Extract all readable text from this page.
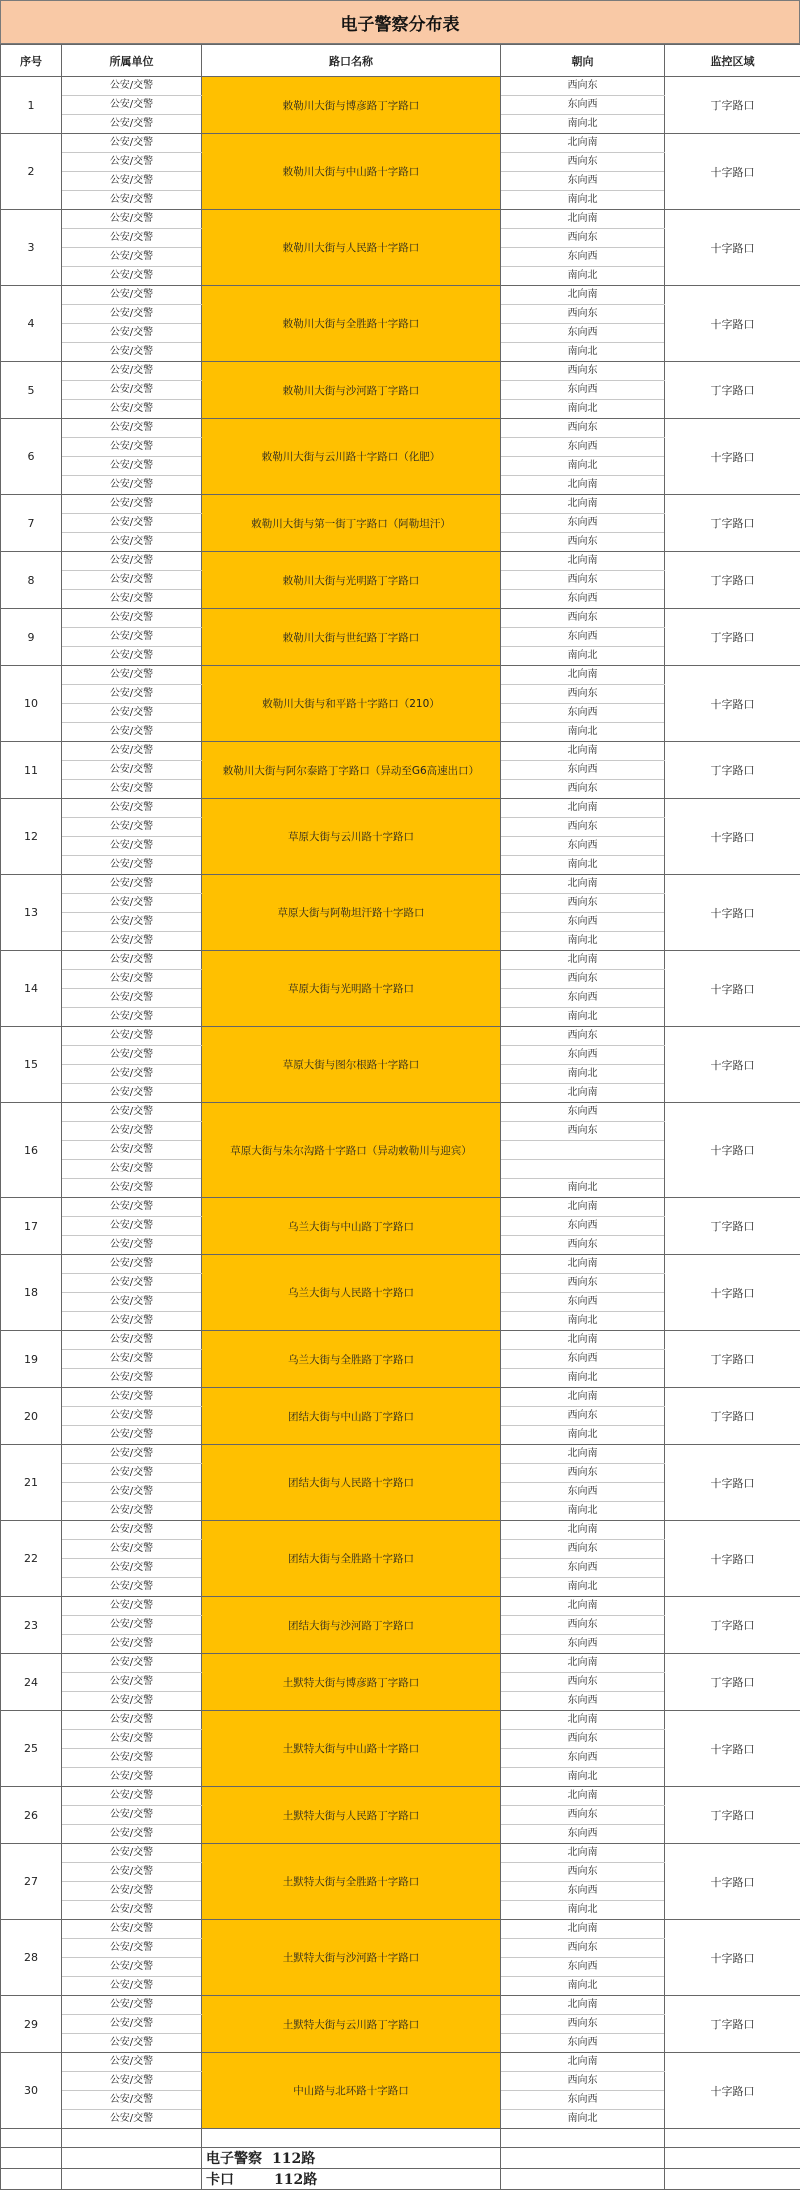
电子警察分布表
序号	所属单位	路口名称	朝向	监控区域
1	公安/交警	敕勒川大街与博彦路丁字路口	西向东	丁字路口
	公安/交警		东向西	
	公安/交警		南向北	
2	公安/交警	敕勒川大街与中山路十字路口	北向南	十字路口
	公安/交警		西向东	
	公安/交警		东向西	
	公安/交警		南向北	
3	公安/交警	敕勒川大街与人民路十字路口	北向南	十字路口
	公安/交警		西向东	
	公安/交警		东向西	
	公安/交警		南向北	
4	公安/交警	敕勒川大街与全胜路十字路口	北向南	十字路口
	公安/交警		西向东	
	公安/交警		东向西	
	公安/交警		南向北	
5	公安/交警	敕勒川大街与沙河路丁字路口	西向东	丁字路口
	公安/交警		东向西	
	公安/交警		南向北	
6	公安/交警	敕勒川大街与云川路十字路口（化肥）	西向东	十字路口
	公安/交警		东向西	
	公安/交警		南向北	
	公安/交警		北向南	
7	公安/交警	敕勒川大街与第一街丁字路口（阿勒坦汗）	北向南	丁字路口
	公安/交警		东向西	
	公安/交警		西向东	
8	公安/交警	敕勒川大街与光明路丁字路口	北向南	丁字路口
	公安/交警		西向东	
	公安/交警		东向西	
9	公安/交警	敕勒川大街与世纪路丁字路口	西向东	丁字路口
	公安/交警		东向西	
	公安/交警		南向北	
10	公安/交警	敕勒川大街与和平路十字路口（210）	北向南	十字路口
	公安/交警		西向东	
	公安/交警		东向西	
	公安/交警		南向北	
11	公安/交警	敕勒川大街与阿尔泰路丁字路口（异动至G6高速出口）	北向南	丁字路口
	公安/交警		东向西	
	公安/交警		西向东	
12	公安/交警	草原大街与云川路十字路口	北向南	十字路口
	公安/交警		西向东	
	公安/交警		东向西	
	公安/交警		南向北	
13	公安/交警	草原大街与阿勒坦汗路十字路口	北向南	十字路口
	公安/交警		西向东	
	公安/交警		东向西	
	公安/交警		南向北	
14	公安/交警	草原大街与光明路十字路口	北向南	十字路口
	公安/交警		西向东	
	公安/交警		东向西	
	公安/交警		南向北	
15	公安/交警	草原大街与图尔根路十字路口	西向东	十字路口
	公安/交警		东向西	
	公安/交警		南向北	
	公安/交警		北向南	
16	公安/交警	草原大街与朱尔沟路十字路口（异动敕勒川与迎宾）	东向西	十字路口
	公安/交警		西向东	
	公安/交警			
	公安/交警			
	公安/交警		南向北	
17	公安/交警	乌兰大街与中山路丁字路口	北向南	丁字路口
	公安/交警		东向西	
	公安/交警		西向东	
18	公安/交警	乌兰大街与人民路十字路口	北向南	十字路口
	公安/交警		西向东	
	公安/交警		东向西	
	公安/交警		南向北	
19	公安/交警	乌兰大街与全胜路丁字路口	北向南	丁字路口
	公安/交警		东向西	
	公安/交警		南向北	
20	公安/交警	团结大街与中山路丁字路口	北向南	丁字路口
	公安/交警		西向东	
	公安/交警		南向北	
21	公安/交警	团结大街与人民路十字路口	北向南	十字路口
	公安/交警		西向东	
	公安/交警		东向西	
	公安/交警		南向北	
22	公安/交警	团结大街与全胜路十字路口	北向南	十字路口
	公安/交警		西向东	
	公安/交警		东向西	
	公安/交警		南向北	
23	公安/交警	团结大街与沙河路丁字路口	北向南	丁字路口
	公安/交警		西向东	
	公安/交警		东向西	
24	公安/交警	土默特大街与博彦路丁字路口	北向南	丁字路口
	公安/交警		西向东	
	公安/交警		东向西	
25	公安/交警	土默特大街与中山路十字路口	北向南	十字路口
	公安/交警		西向东	
	公安/交警		东向西	
	公安/交警		南向北	
26	公安/交警	土默特大街与人民路丁字路口	北向南	丁字路口
	公安/交警		西向东	
	公安/交警		东向西	
27	公安/交警	土默特大街与全胜路十字路口	北向南	十字路口
	公安/交警		西向东	
	公安/交警		东向西	
	公安/交警		南向北	
28	公安/交警	土默特大街与沙河路十字路口	北向南	十字路口
	公安/交警		西向东	
	公安/交警		东向西	
	公安/交警		南向北	
29	公安/交警	土默特大街与云川路丁字路口	北向南	丁字路口
	公安/交警		西向东	
	公安/交警		东向西	
30	公安/交警	中山路与北环路十字路口	北向南	十字路口
	公安/交警		西向东	
	公安/交警		东向西	
	公安/交警		南向北	

		电子警察 112路		
		卡口 112路		
